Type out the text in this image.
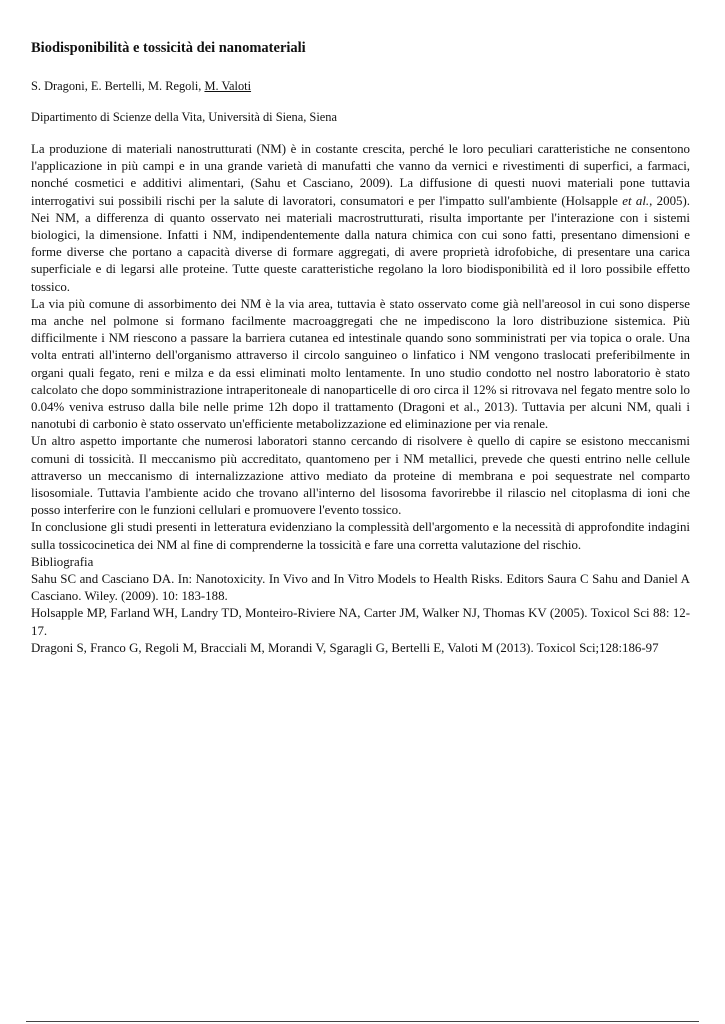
Biodisponibilità e tossicità dei nanomateriali
S. Dragoni, E. Bertelli, M. Regoli, M. Valoti
Dipartimento di Scienze della Vita, Università di Siena, Siena

La produzione di materiali nanostrutturati (NM) è in costante crescita, perché le loro peculiari caratteristiche ne consentono l'applicazione in più campi e in una grande varietà di manufatti che vanno da vernici e rivestimenti di superfici, a farmaci, nonché cosmetici e additivi alimentari, (Sahu et Casciano, 2009). La diffusione di questi nuovi materiali pone tuttavia interrogativi sui possibili rischi per la salute di lavoratori, consumatori e per l'impatto sull'ambiente (Holsapple et al., 2005). Nei NM, a differenza di quanto osservato nei materiali macrostrutturati, risulta importante per l'interazione con i sistemi biologici, la dimensione. Infatti i NM, indipendentemente dalla natura chimica con cui sono fatti, presentano dimensioni e forme diverse che portano a capacità diverse di formare aggregati, di avere proprietà idrofobiche, di presentare una carica superficiale e di legarsi alle proteine. Tutte queste caratteristiche regolano la loro biodisponibilità ed il loro possibile effetto tossico.

La via più comune di assorbimento dei NM è la via area, tuttavia è stato osservato come già nell'areosol in cui sono disperse ma anche nel polmone si formano facilmente macroaggregati che ne impediscono la loro distribuzione sistemica. Più difficilmente i NM riescono a passare la barriera cutanea ed intestinale quando sono somministrati per via topica o orale. Una volta entrati all'interno dell'organismo attraverso il circolo sanguineo o linfatico i NM vengono traslocati preferibilmente in organi quali fegato, reni e milza e da essi eliminati molto lentamente. In uno studio condotto nel nostro laboratorio è stato calcolato che dopo somministrazione intraperitoneale di nanoparticelle di oro circa il 12% si ritrovava nel fegato mentre solo lo 0.04% veniva estruso dalla bile nelle prime 12h dopo il trattamento (Dragoni et al., 2013). Tuttavia per alcuni NM, quali i nanotubi di carbonio è stato osservato un'efficiente metabolizzazione ed eliminazione per via renale.

Un altro aspetto importante che numerosi laboratori stanno cercando di risolvere è quello di capire se esistono meccanismi comuni di tossicità. Il meccanismo più accreditato, quantomeno per i NM metallici, prevede che questi entrino nelle cellule attraverso un meccanismo di internalizzazione attivo mediato da proteine di membrana e poi sequestrate nel comparto lisosomiale. Tuttavia l'ambiente acido che trovano all'interno del lisosoma favorirebbe il rilascio nel citoplasma di ioni che posso interferire con le funzioni cellulari e promuovere l'evento tossico.

In conclusione gli studi presenti in letteratura evidenziano la complessità dell'argomento e la necessità di approfondite indagini sulla tossicocinetica dei NM al fine di comprenderne la tossicità e fare una corretta valutazione del rischio.

Bibliografia

Sahu SC and Casciano DA. In: Nanotoxicity. In Vivo and In Vitro Models to Health Risks. Editors Saura C Sahu and Daniel A Casciano. Wiley. (2009). 10: 183-188.

Holsapple MP, Farland WH, Landry TD, Monteiro-Riviere NA, Carter JM, Walker NJ, Thomas KV (2005). Toxicol Sci 88: 12-17.

Dragoni S, Franco G, Regoli M, Bracciali M, Morandi V, Sgaragli G, Bertelli E, Valoti M (2013). Toxicol Sci;128:186-97
